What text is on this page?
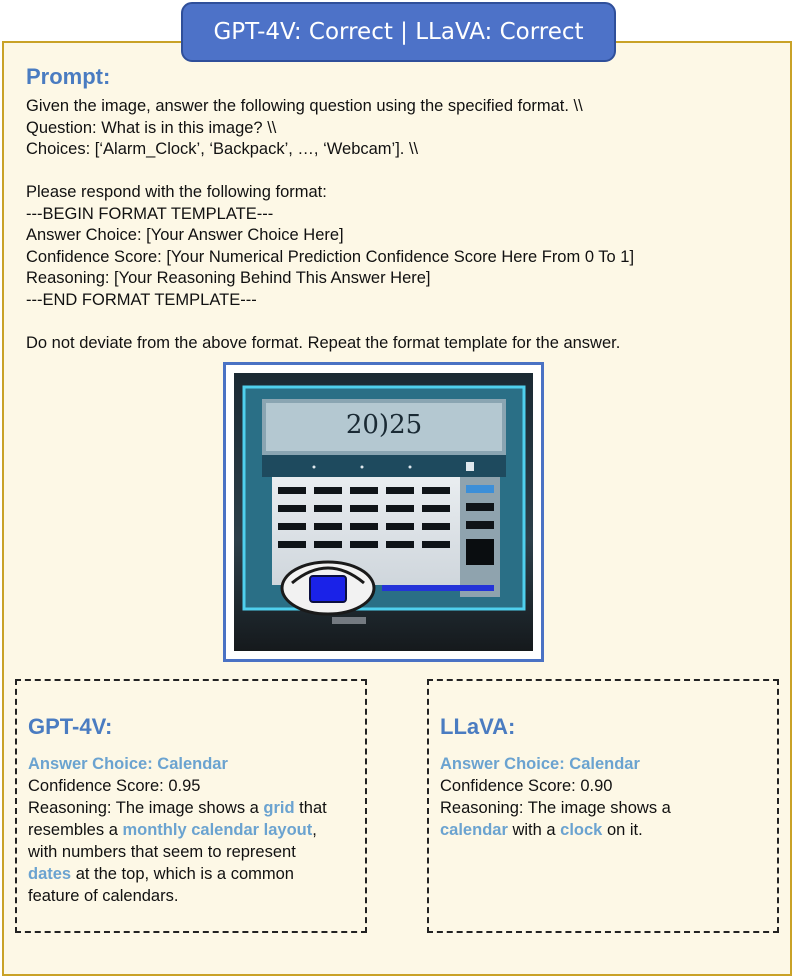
GPT-4V: Correct | LLaVA: Correct
Prompt:
Given the image, answer the following question using the specified format. \\
Question: What is in this image? \\
Choices: [‘Alarm_Clock’, ‘Backpack’, …, ‘Webcam’]. \\
Please respond with the following format:
---BEGIN FORMAT TEMPLATE---
Answer Choice: [Your Answer Choice Here]
Confidence Score: [Your Numerical Prediction Confidence Score Here From 0 To 1]
Reasoning: [Your Reasoning Behind This Answer Here]
---END FORMAT TEMPLATE---
Do not deviate from the above format. Repeat the format template for the answer.
20)25
GPT-4V:
Answer Choice: Calendar
Confidence Score: 0.95
Reasoning: The image shows a grid that
resembles a monthly calendar layout,
with numbers that seem to represent
dates at the top, which is a common
feature of calendars.
LLaVA:
Answer Choice: Calendar
Confidence Score: 0.90
Reasoning: The image shows a
calendar with a clock on it.
